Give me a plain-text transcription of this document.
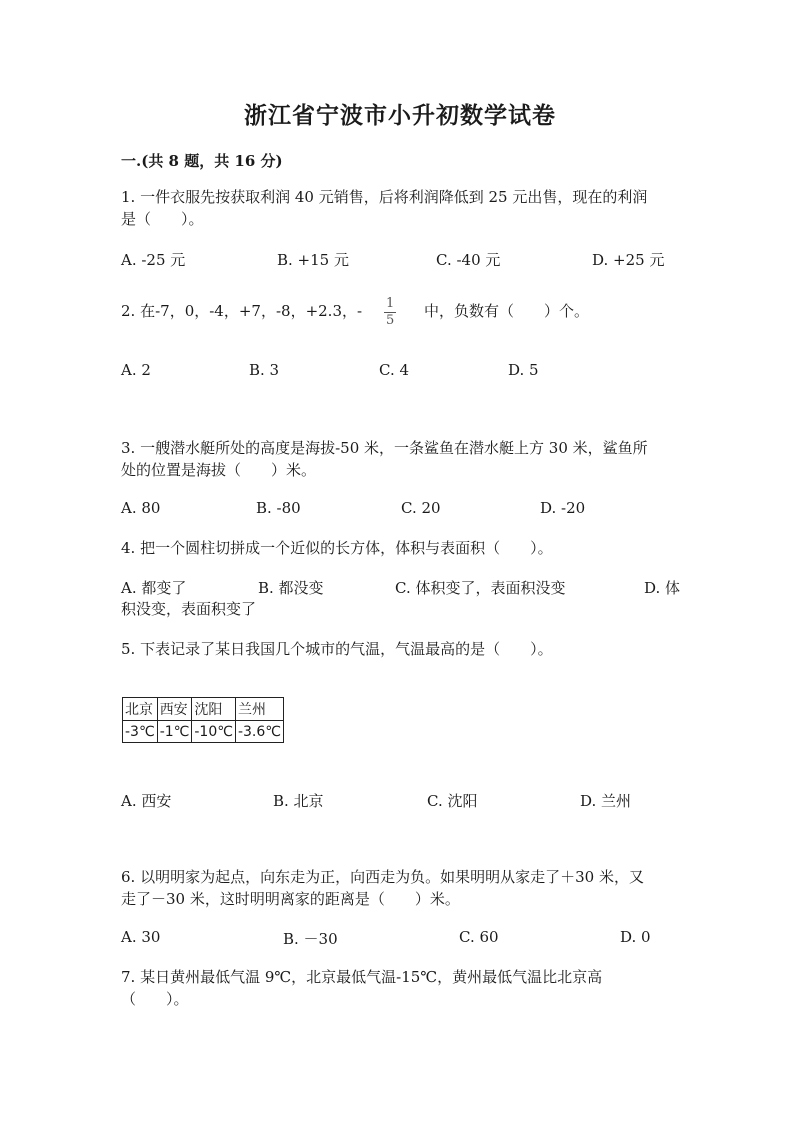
浙江省宁波市小升初数学试卷
一.(共 8 题，共 16 分)
1. 一件衣服先按获取利润 40 元销售，后将利润降低到 25 元出售，现在的利润
是（　　）。
A. -25 元	B. +15 元	C. -40 元	D. +25 元
2. 在-7，0，-4，+7，-8，+2.3，- $\frac{1}{5}$ 中，负数有（　　）个。
A. 2	B. 3	C. 4	D. 5
3. 一艘潜水艇所处的高度是海拔-50 米，一条鲨鱼在潜水艇上方 30 米，鲨鱼所
处的位置是海拔（　　）米。
A. 80	B. -80	C. 20	D. -20
4. 把一个圆柱切拼成一个近似的长方体，体积与表面积（　　）。
A. 都变了	B. 都没变	C. 体积变了，表面积没变	D. 体
积没变，表面积变了
5. 下表记录了某日我国几个城市的气温，气温最高的是（　　）。
北京	西安	沈阳	兰州
-3℃	-1℃	-10℃	-3.6℃
A. 西安	B. 北京	C. 沈阳	D. 兰州
6. 以明明家为起点，向东走为正，向西走为负。如果明明从家走了＋30 米，又
走了－30 米，这时明明离家的距离是（　　）米。
A. 30	B. －30	C. 60	D. 0
7. 某日黄州最低气温 9℃，北京最低气温-15℃，黄州最低气温比北京高
（　　）。
